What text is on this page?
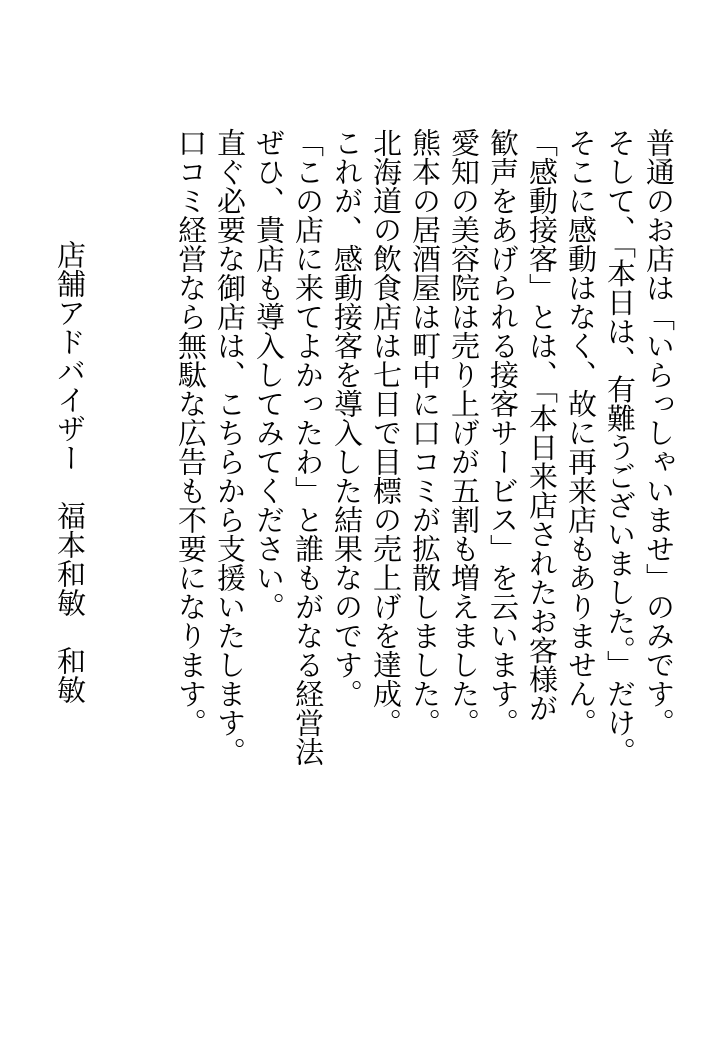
普通のお店は「いらっしゃいませ」のみです。
そして、「本日は、有難うございました。」だけ。
そこに感動はなく、故に再来店もありません。
「感動接客」とは、「本日来店されたお客様が
歓声をあげられる接客サービス」を云います。
愛知の美容院は売り上げが五割も増えました。
熊本の居酒屋は町中に口コミが拡散しました。
北海道の飲食店は七日で目標の売上げを達成。
これが、感動接客を導入した結果なのです。
「この店に来てよかったわ」と誰もがなる経営法
ぜひ、貴店も導入してみてください。
直ぐ必要な御店は、こちらから支援いたします。
口コミ経営なら無駄な広告も不要になります。
店舗アドバイザー　福本和敏　和敏
